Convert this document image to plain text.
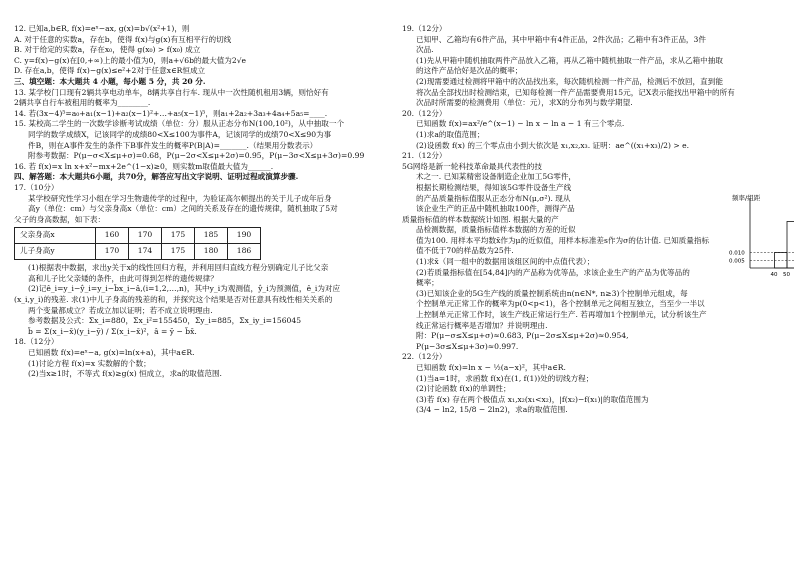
12. 已知a,b∈R, f(x)=eˣ−ax, g(x)=b√(x²+1)，则
A. 对于任意的实数a，存在b，使得 f(x)与g(x)有互相平行的切线
B. 对于给定的实数a，存在x₀，使得 g(x₀) > f(x₀) 成立
C. y=f(x)−g(x)在[0,+∞)上的最小值为0，则a+√6b的最大值为2√e
D. 存在a,b，使得 f(x)−g(x)≤e²+2对于任意x∈R恒成立
三、填空题：本大题共 4 小题，每小题 5 分，共 20 分.
13. 某学校门口现有2辆共享电动单车，8辆共享自行车. 现从中一次性随机租用3辆，则恰好有
2辆共享自行车被租用的概率为________.
14. 若(3x−4)⁵=a₀+a₁(x−1)+a₂(x−1)²+…+a₅(x−1)⁵，则a₁+2a₂+3a₃+4a₄+5a₅=____.
15. 某校高二学生的一次数学诊断考试成绩（单位：分）服从正态分布N(100,10²)，从中抽取一个
同学的数学成绩X，记该同学的成绩80<X≤100为事件A，记该同学的成绩70<X≤90为事
件B，则在A事件发生的条件下B事件发生的概率P(B|A)=_______.（结果用分数表示）
附参考数据：P(μ−σ<X≤μ+σ)=0.68，P(μ−2σ<X≤μ+2σ)=0.95，P(μ−3σ<X≤μ+3σ)=0.99
16. 若 f(x)=x ln x+x²−mx+2e^(1−x)≥0，则实数m取值最大值为______.
四、解答题：本大题共6小题，共70分，解答应写出文字说明、证明过程或演算步骤.
17.（10分）
某学校研究性学习小组在学习生物遗传学的过程中，为验证高尔顿提出的关于儿子成年后身
高y（单位：cm）与父亲身高x（单位：cm）之间的关系及存在的遗传规律，随机抽取了5对
父子的身高数据，如下表：
父亲身高x	160	170	175	185	190
儿子身高y	170	174	175	180	186
(1)根据表中数据，求出y关于x的线性回归方程，并利用回归直线方程分别确定儿子比父亲
高和儿子比父亲矮的条件，由此可得到怎样的遗传规律？
(2)记ê_i=y_i−ŷ_i=y_i−b̂x_i−â,(i=1,2,…,n)，其中y_i为观测值，ŷ_i为预测值，ê_i为对应
(x_i,y_i)的残差. 求(1)中儿子身高的残差的和，并探究这个结果是否对任意具有线性相关关系的
两个变量都成立？若成立加以证明；若不成立说明理由.
参考数据及公式：Σx_i=880，Σx_i²=155450，Σy_i=885，Σx_iy_i=156045
b̂ = Σ(x_i−x̄)(y_i−ȳ) / Σ(x_i−x̄)²，â = ȳ − b̂x̄.
18.（12分）
已知函数 f(x)=eˣ−a, g(x)=ln(x+a)，其中a∈R.
(1)讨论方程 f(x)=x 实数解的个数；
(2)当x≥1时，不等式 f(x)≥g(x) 恒成立，求a的取值范围.
19.（12分）
已知甲、乙箱均有6件产品，其中甲箱中有4件正品，2件次品；乙箱中有3件正品，3件
次品.
(1)先从甲箱中随机抽取两件产品放入乙箱，再从乙箱中随机抽取一件产品，求从乙箱中抽取
的这件产品恰好是次品的概率；
(2)现需要通过检测将甲箱中的次品找出来，每次随机检测一件产品，检测后不放回，直到能
将次品全部找出时检测结束，已知每检测一件产品需要费用15元，记X表示能找出甲箱中的所有
次品时所需要的检测费用（单位：元），求X的分布列与数学期望.
20.（12分）
已知函数 f(x)=ax²/e^(x−1) − ln x − ln a − 1 有三个零点.
(1)求a的取值范围；
(2)设函数 f(x) 的三个零点由小到大依次是 x₁,x₂,x₃. 证明：ae^((x₁+x₃)/2) > e.
21.（12分）
5G网络是新一轮科技革命最具代表性的技
术之一. 已知某精密设备制造企业加工5G零件，
根据长期检测结果，得知该5G零件设备生产线
的产品质量指标值服从正态分布N(μ,σ²). 现从
该企业生产的正品中随机抽取100件，测得产品
质量指标值的样本数据统计如图. 根据大量的产
品检测数据，质量指标值样本数据的方差的近似
值为100. 用样本平均数x̄作为μ的近似值，用样本标准差s作为σ的估计值. 已知质量指标
值不低于70的样品数为25件.
(1)求x̄（同一组中的数据用该组区间的中点值代表）；
(2)若质量指标值在[54,84]内的产品称为优等品，求该企业生产的产品为优等品的
概率；
(3)已知该企业的5G生产线的质量控制系统由n(n∈N*, n≥3)个控制单元组成，每
个控制单元正常工作的概率为p(0<p<1)，各个控制单元之间相互独立，当至少一半以
上控制单元正常工作时，该生产线正常运行生产. 若再增加1个控制单元，试分析该生产
线正常运行概率是否增加？并说明理由.
附：P(μ−σ≤X≤μ+σ)≈0.683, P(μ−2σ≤X≤μ+2σ)≈0.954,
P(μ−3σ≤X≤μ+3σ)≈0.997.
22.（12分）
已知函数 f(x)=ln x − ½(a−x)²，其中a∈R.
(1)当a=1时，求函数 f(x)在(1, f(1))处的切线方程；
(2)讨论函数 f(x)的单调性；
(3)若 f(x) 存在两个极值点 x₁,x₂(x₁<x₂)，|f(x₂)−f(x₁)|的取值范围为
(3/4 − ln2, 15/8 − 2ln2)，求a的取值范围.
0.010
0.005
40 50
频率/组距
